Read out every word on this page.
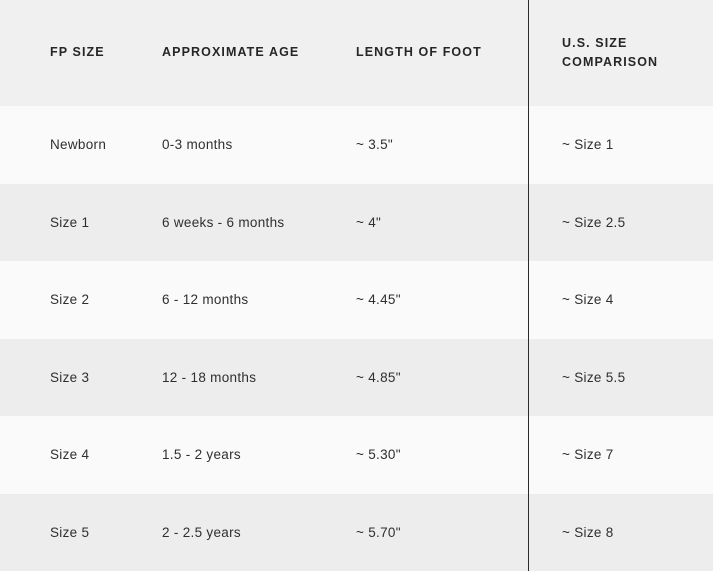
FP SIZE	APPROXIMATE AGE	LENGTH OF FOOT	U.S. SIZE COMPARISON
Newborn	0-3 months	~ 3.5"	~ Size 1
Size 1	6 weeks - 6 months	~ 4"	~ Size 2.5
Size 2	6 - 12 months	~ 4.45"	~ Size 4
Size 3	12 - 18 months	~ 4.85"	~ Size 5.5
Size 4	1.5 - 2 years	~ 5.30"	~ Size 7
Size 5	2 - 2.5 years	~ 5.70"	~ Size 8
